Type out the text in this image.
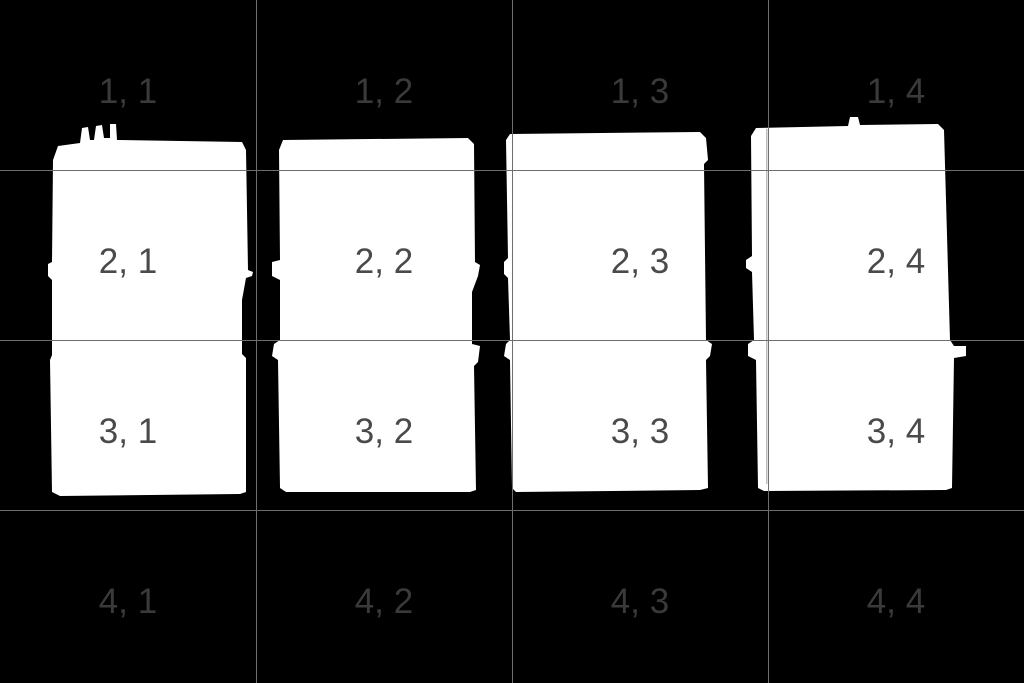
1, 1	1, 2	1, 3	1, 4
2, 1	2, 2	2, 3	2, 4
3, 1	3, 2	3, 3	3, 4
4, 1	4, 2	4, 3	4, 4
